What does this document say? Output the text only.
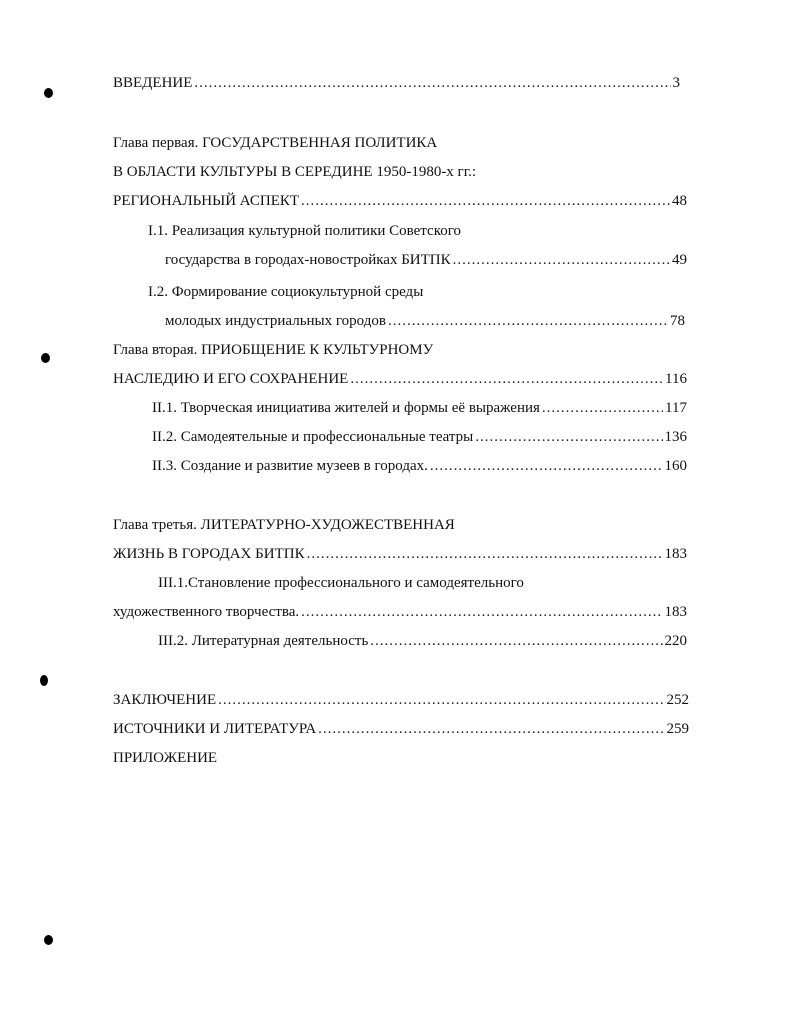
ВВЕДЕНИЕ .....	3
Глава первая. ГОСУДАРСТВЕННАЯ ПОЛИТИКА
В ОБЛАСТИ КУЛЬТУРЫ В СЕРЕДИНЕ 1950-1980-х гг.:
РЕГИОНАЛЬНЫЙ АСПЕКТ .....	48
I.1. Реализация культурной политики Советского
государства в городах-новостройках БИТПК .....	49
I.2. Формирование социокультурной среды
молодых индустриальных городов .....	78
Глава вторая. ПРИОБЩЕНИЕ К КУЛЬТУРНОМУ
НАСЛЕДИЮ И ЕГО СОХРАНЕНИЕ .....	116
II.1. Творческая инициатива жителей и формы её выражения .....	117
II.2. Самодеятельные и профессиональные театры .....	136
II.3. Создание и развитие музеев в городах. .....	160
Глава третья. ЛИТЕРАТУРНО-ХУДОЖЕСТВЕННАЯ
ЖИЗНЬ В ГОРОДАХ БИТПК .....	183
III.1.Становление профессионального и самодеятельного
художественного творчества. .....	183
III.2. Литературная деятельность .....	220
ЗАКЛЮЧЕНИЕ .....	252
ИСТОЧНИКИ И ЛИТЕРАТУРА .....	259
ПРИЛОЖЕНИЕ
